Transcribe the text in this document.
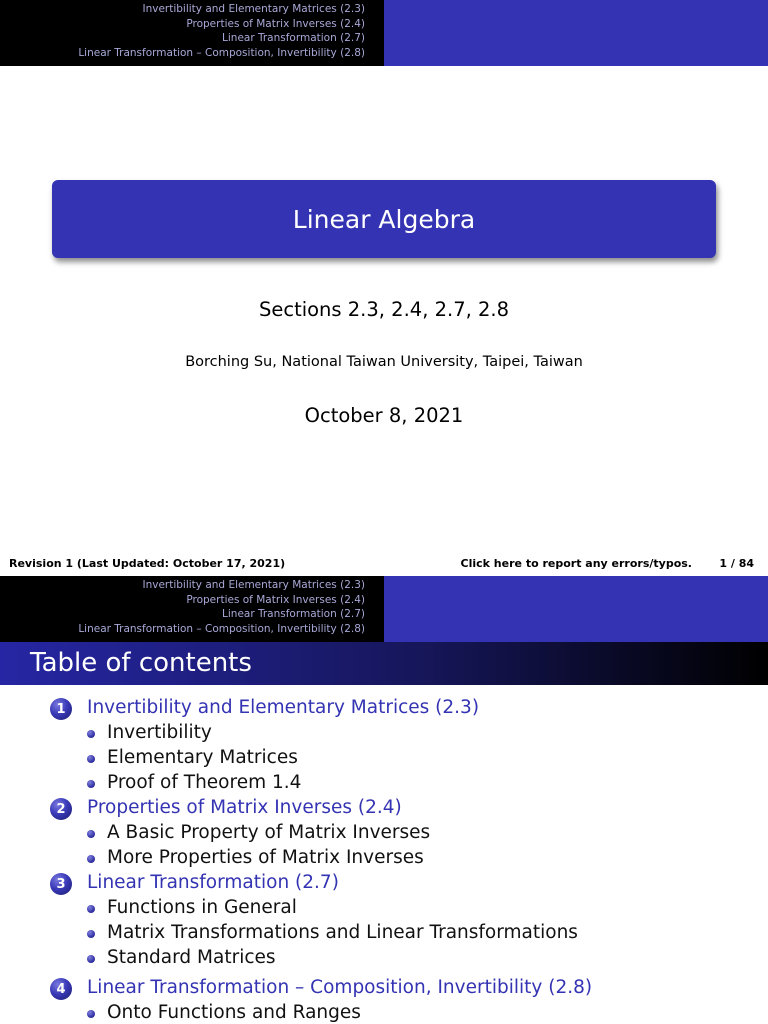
Invertibility and Elementary Matrices (2.3)
Properties of Matrix Inverses (2.4)
Linear Transformation (2.7)
Linear Transformation – Composition, Invertibility (2.8)
Linear Algebra
Sections 2.3, 2.4, 2.7, 2.8
Borching Su, National Taiwan University, Taipei, Taiwan
October 8, 2021
Revision 1 (Last Updated: October 17, 2021)	Click here to report any errors/typos. 1 / 84
Invertibility and Elementary Matrices (2.3)
Properties of Matrix Inverses (2.4)
Linear Transformation (2.7)
Linear Transformation – Composition, Invertibility (2.8)
Table of contents
1	Invertibility and Elementary Matrices (2.3)
Invertibility
Elementary Matrices
Proof of Theorem 1.4
2	Properties of Matrix Inverses (2.4)
A Basic Property of Matrix Inverses
More Properties of Matrix Inverses
3	Linear Transformation (2.7)
Functions in General
Matrix Transformations and Linear Transformations
Standard Matrices
4	Linear Transformation – Composition, Invertibility (2.8)
Onto Functions and Ranges
